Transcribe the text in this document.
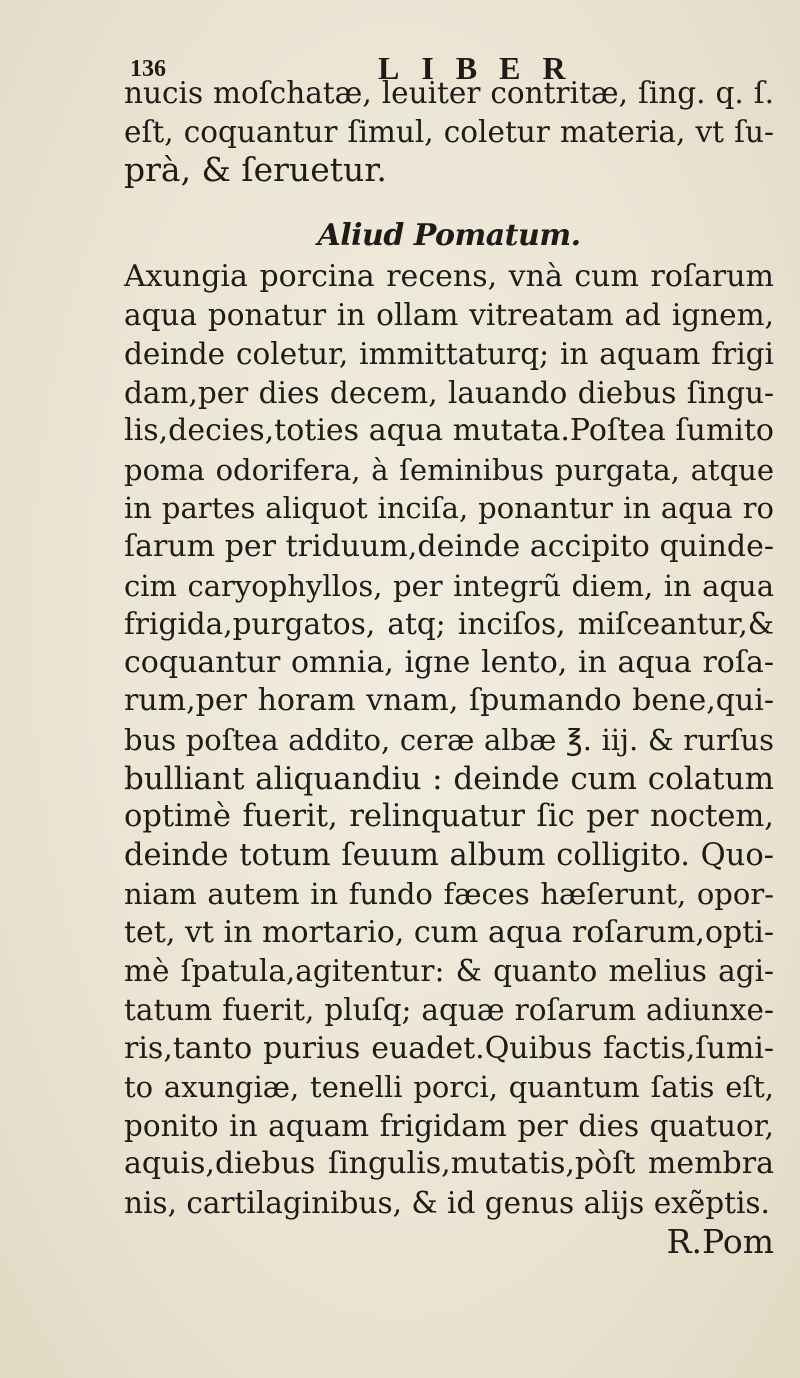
136	LIBER
nucis moſchatæ, leuiter contritæ, ſing. q. ſ.
eſt, coquantur ſimul, coletur materia, vt ſu-
prà, & ſeruetur.
Aliud Pomatum.
Axungia porcina recens, vnà cum roſarum
aqua ponatur in ollam vitreatam ad ignem,
deinde coletur, immittaturq; in aquam frigi
dam,per dies decem, lauando diebus ſingu-
lis,decies,toties aqua mutata.Poſtea ſumito
poma odorifera, à ſeminibus purgata, atque
in partes aliquot inciſa, ponantur in aqua ro
ſarum per triduum,deinde accipito quinde-
cim caryophyllos, per integrũ diem, in aqua
frigida,purgatos, atq; inciſos, miſceantur,&
coquantur omnia, igne lento, in aqua roſa-
rum,per horam vnam, ſpumando bene,qui-
bus poſtea addito, ceræ albæ ℥. iij. & rurſus
bulliant aliquandiu : deinde cum colatum
optimè fuerit, relinquatur ſic per noctem,
deinde totum ſeuum album colligito. Quo-
niam autem in fundo fæces hæſerunt, opor-
tet, vt in mortario, cum aqua roſarum,opti-
mè ſpatula,agitentur: & quanto melius agi-
tatum fuerit, pluſq; aquæ roſarum adiunxe-
ris,tanto purius euadet.Quibus factis,ſumi-
to axungiæ, tenelli porci, quantum ſatis eſt,
ponito in aquam frigidam per dies quatuor,
aquis,diebus ſingulis,mutatis,pòſt membra
nis, cartilaginibus, & id genus alijs exẽptis.
R.Pom
